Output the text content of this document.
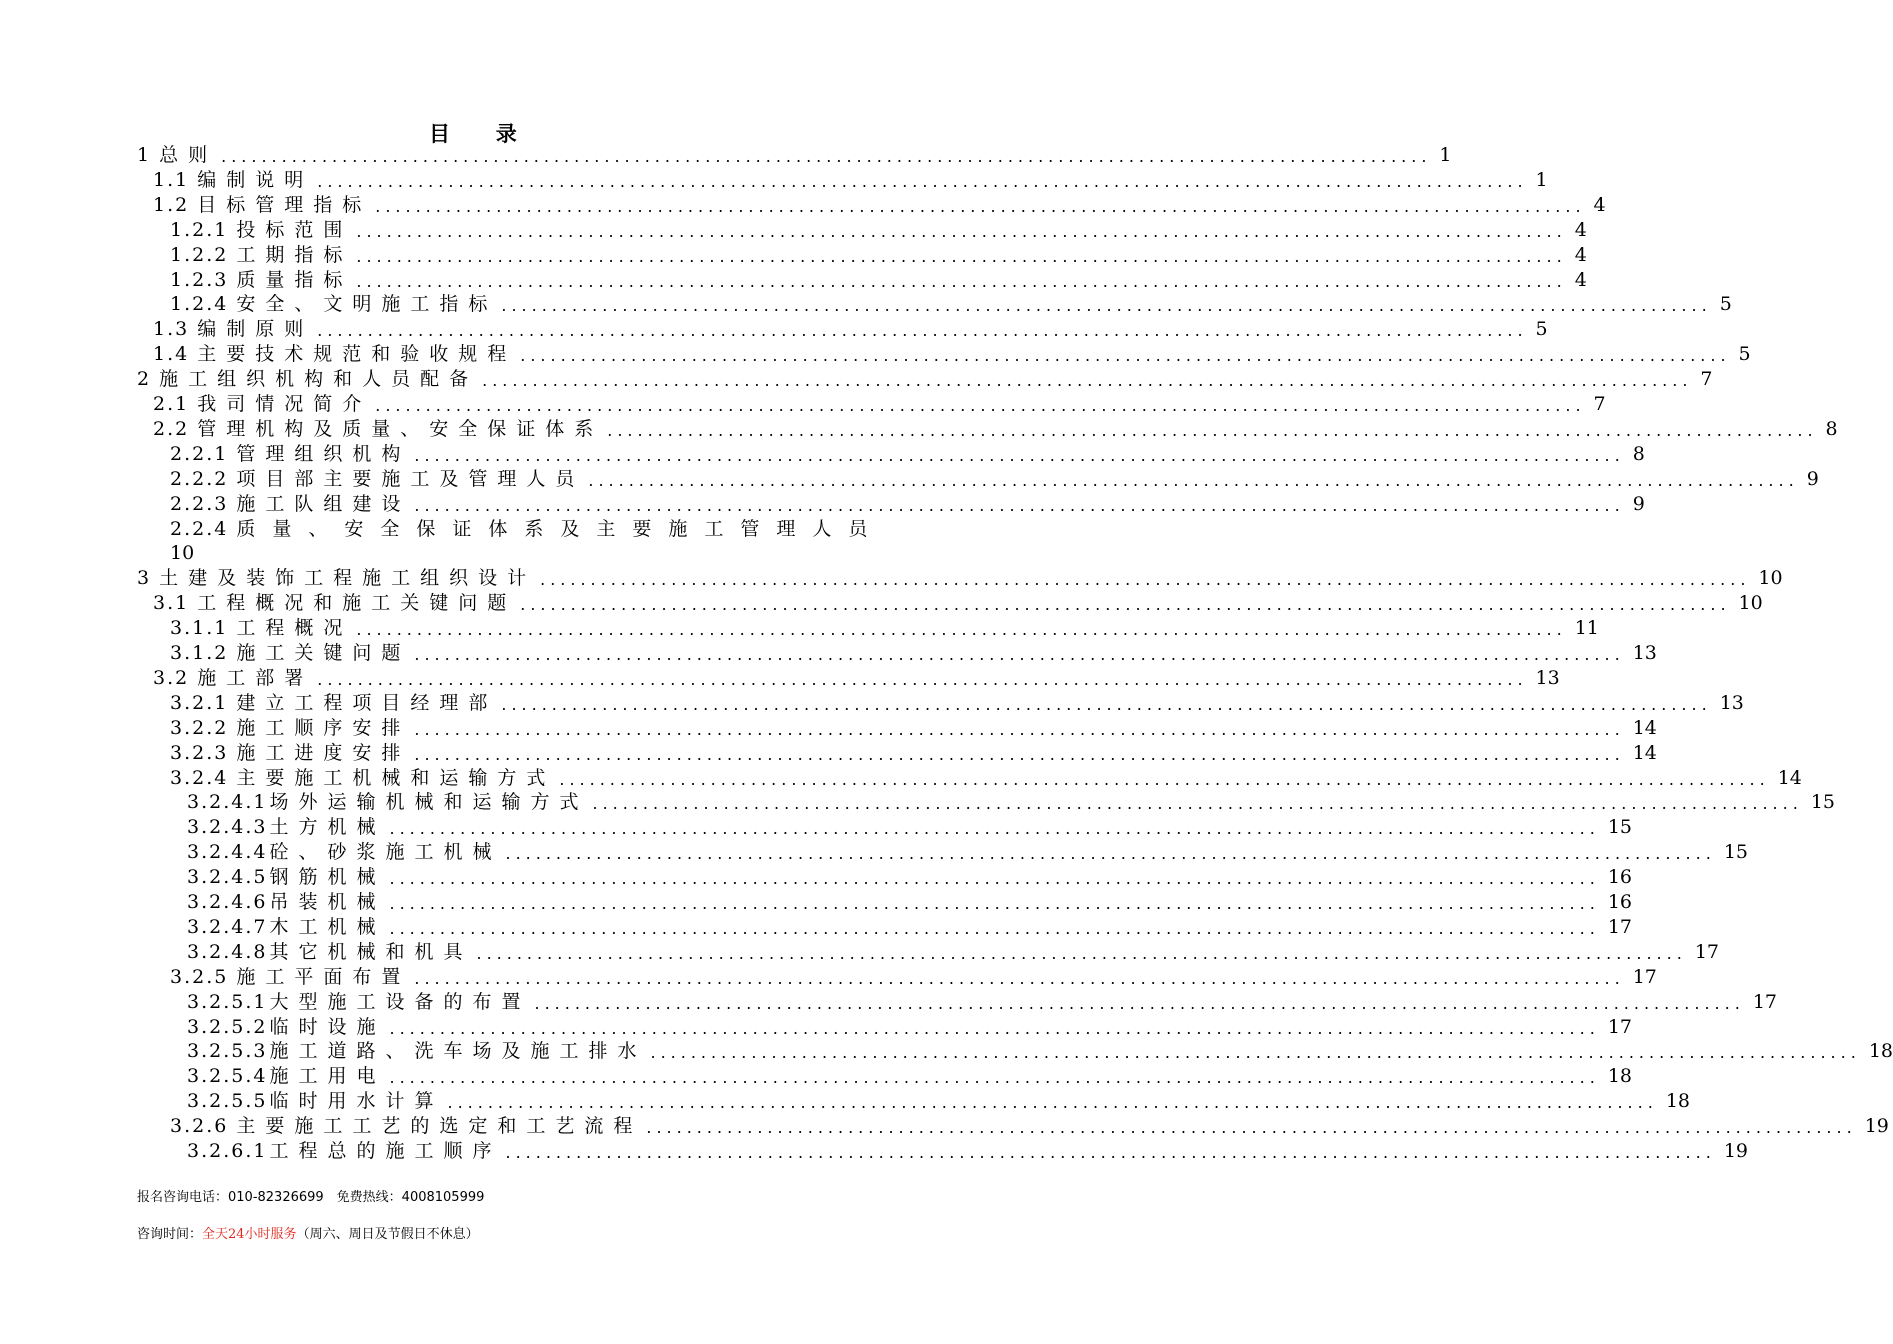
目 录
1 总则 ........................................................................................................................ 1
1.1 编制说明 ........................................................................................................................ 1
1.2 目标管理指标 ........................................................................................................................ 4
1.2.1 投标范围 ........................................................................................................................ 4
1.2.2 工期指标 ........................................................................................................................ 4
1.2.3 质量指标 ........................................................................................................................ 4
1.2.4 安全、文明施工指标 ........................................................................................................................ 5
1.3 编制原则 ........................................................................................................................ 5
1.4 主要技术规范和验收规程 ........................................................................................................................ 5
2 施工组织机构和人员配备 ........................................................................................................................ 7
2.1 我司情况简介 ........................................................................................................................ 7
2.2 管理机构及质量、安全保证体系 ........................................................................................................................ 8
2.2.1 管理组织机构 ........................................................................................................................ 8
2.2.2 项目部主要施工及管理人员 ........................................................................................................................ 9
2.2.3 施工队组建设 ........................................................................................................................ 9
2.2.4 质量、安全保证体系及主要施工管理人员
10
3 土建及装饰工程施工组织设计 ........................................................................................................................ 10
3.1 工程概况和施工关键问题 ........................................................................................................................ 10
3.1.1 工程概况 ........................................................................................................................ 11
3.1.2 施工关键问题 ........................................................................................................................ 13
3.2 施工部署 ........................................................................................................................ 13
3.2.1 建立工程项目经理部 ........................................................................................................................ 13
3.2.2 施工顺序安排 ........................................................................................................................ 14
3.2.3 施工进度安排 ........................................................................................................................ 14
3.2.4 主要施工机械和运输方式 ........................................................................................................................ 14
3.2.4.1 场外运输机械和运输方式 ........................................................................................................................ 15
3.2.4.3 土方机械 ........................................................................................................................ 15
3.2.4.4 砼、砂浆施工机械 ........................................................................................................................ 15
3.2.4.5 钢筋机械 ........................................................................................................................ 16
3.2.4.6 吊装机械 ........................................................................................................................ 16
3.2.4.7 木工机械 ........................................................................................................................ 17
3.2.4.8 其它机械和机具 ........................................................................................................................ 17
3.2.5 施工平面布置 ........................................................................................................................ 17
3.2.5.1 大型施工设备的布置 ........................................................................................................................ 17
3.2.5.2 临时设施 ........................................................................................................................ 17
3.2.5.3 施工道路、洗车场及施工排水 ........................................................................................................................ 18
3.2.5.4 施工用电 ........................................................................................................................ 18
3.2.5.5 临时用水计算 ........................................................................................................................ 18
3.2.6 主要施工工艺的选定和工艺流程 ........................................................................................................................ 19
3.2.6.1 工程总的施工顺序 ........................................................................................................................ 19
报名咨询电话：010-82326699　免费热线：4008105999
咨询时间：全天24小时服务（周六、周日及节假日不休息）
